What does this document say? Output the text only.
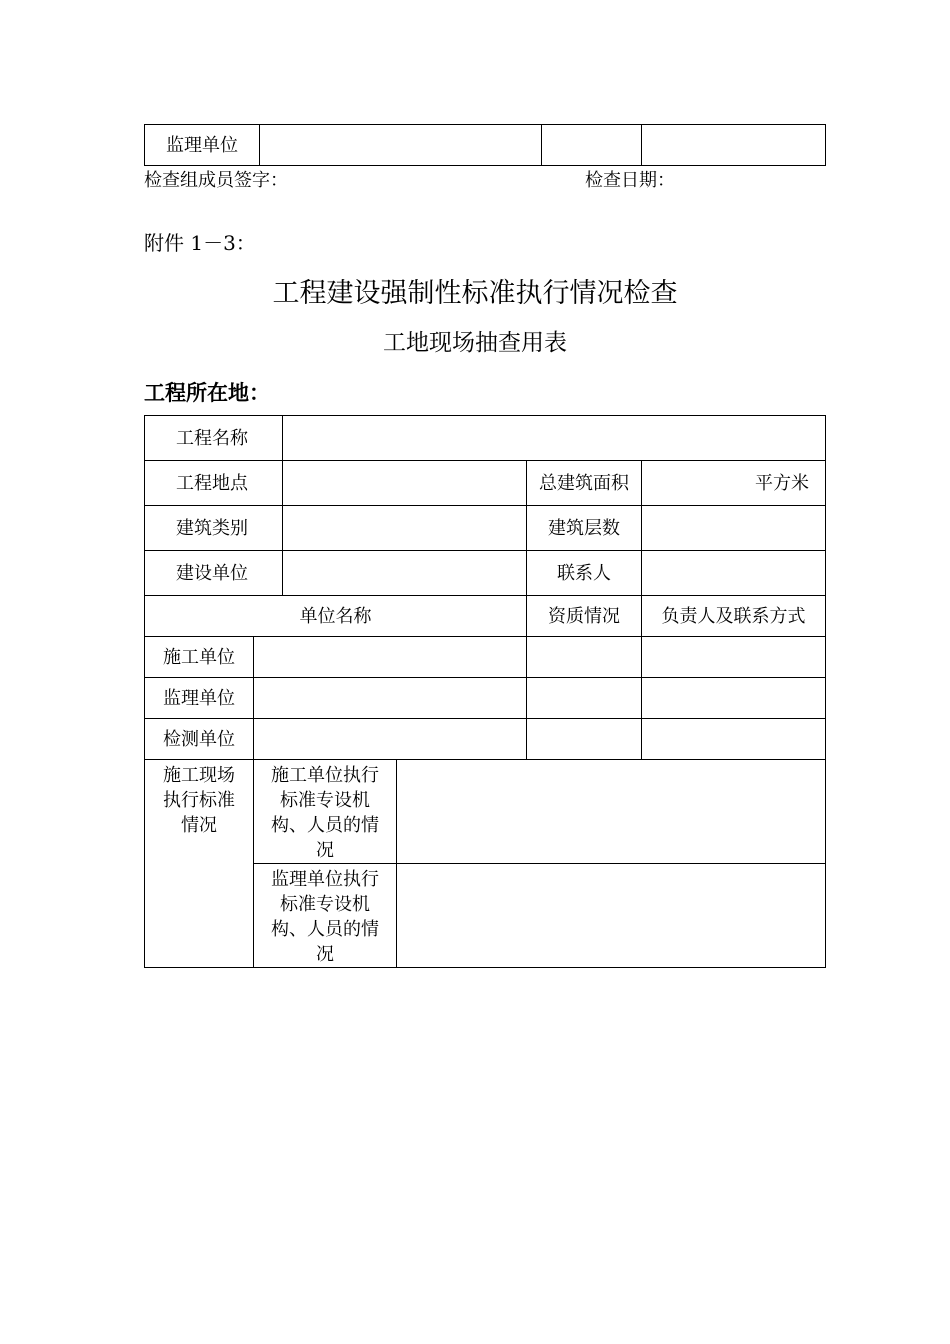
监理单位			
检查组成员签字：	检查日期：
附件 1－3：
工程建设强制性标准执行情况检查
工地现场抽查用表
工程所在地：
工程名称					
工程地点				总建筑面积	平方米
建筑类别				建筑层数	
建设单位				联系人	
单位名称				资质情况	负责人及联系方式
施工单位					
监理单位					
检测单位					
施工现场执行标准情况	施工单位执行标准专设机构、人员的情况				
	监理单位执行标准专设机构、人员的情况				
